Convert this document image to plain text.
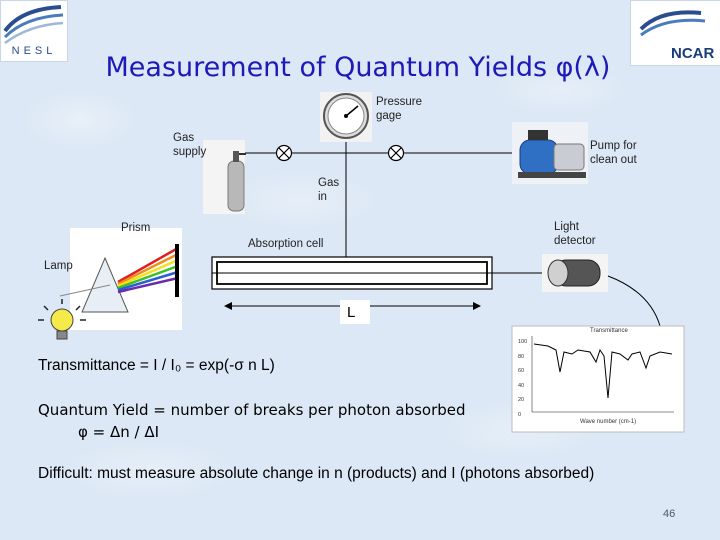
NESL	NCAR
Measurement of Quantum Yields φ(λ)
Pressure
gage
Gas
supply	Pump for
clean out
Gas
in
Prism
Absorption cell
Light
detector
Lamp
L
Transmittance
100
80
60
40
20
0
Wave number (cm-1)
Transmittance = I / I₀ = exp(-σ n L)
Quantum Yield = number of breaks per photon absorbed
φ = Δn / ΔI
Difficult: must measure absolute change in n (products) and I (photons absorbed)
46
